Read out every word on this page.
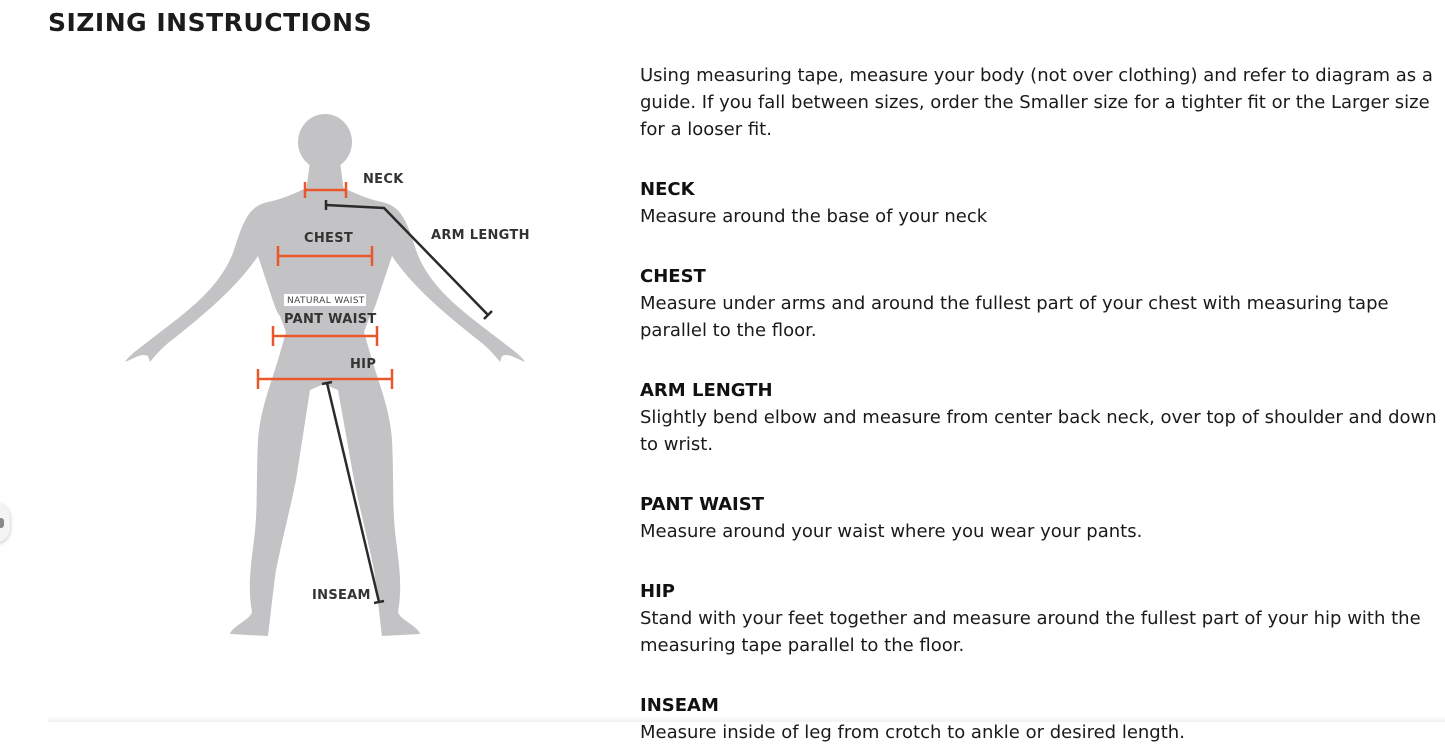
SIZING INSTRUCTIONS
NECK
ARM LENGTH
CHEST
NATURAL WAIST
PANT WAIST
HIP
INSEAM

Using measuring tape, measure your body (not over clothing) and refer to diagram as a guide. If you fall between sizes, order the Smaller size for a tighter fit or the Larger size for a looser fit.

NECK

Measure around the base of your neck

CHEST

Measure under arms and around the fullest part of your chest with measuring tape parallel to the floor.

ARM LENGTH

Slightly bend elbow and measure from center back neck, over top of shoulder and down to wrist.

PANT WAIST

Measure around your waist where you wear your pants.

HIP

Stand with your feet together and measure around the fullest part of your hip with the measuring tape parallel to the floor.

INSEAM

Measure inside of leg from crotch to ankle or desired length.
